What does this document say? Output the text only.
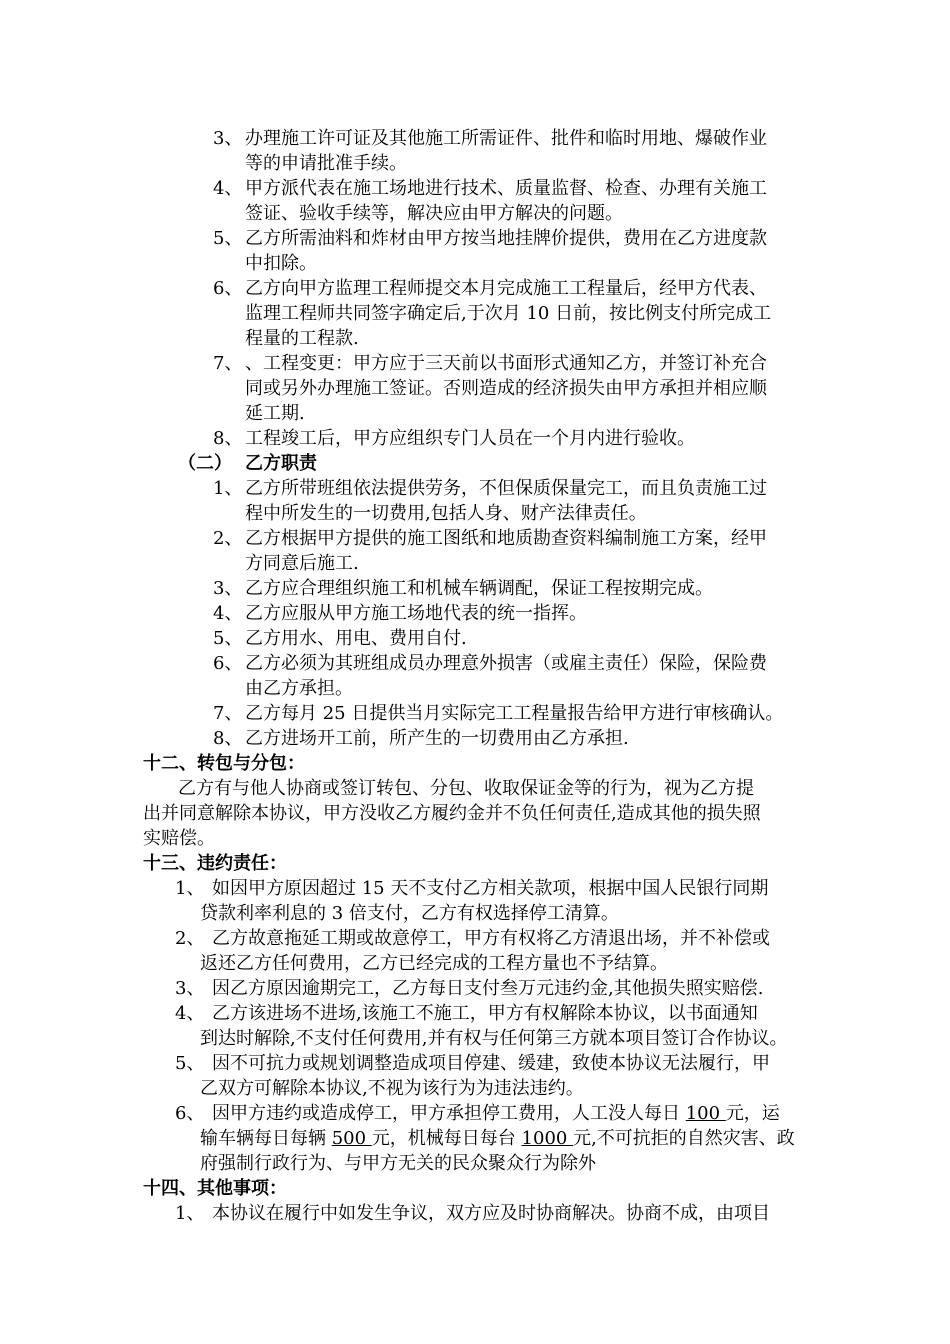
3、 办理施工许可证及其他施工所需证件、批件和临时用地、爆破作业
等的申请批准手续。
4、 甲方派代表在施工场地进行技术、质量监督、检查、办理有关施工
签证、验收手续等，解决应由甲方解决的问题。
5、 乙方所需油料和炸材由甲方按当地挂牌价提供，费用在乙方进度款
中扣除。
6、 乙方向甲方监理工程师提交本月完成施工工程量后，经甲方代表、
监理工程师共同签字确定后,于次月 10 日前，按比例支付所完成工
程量的工程款.
7、 、工程变更：甲方应于三天前以书面形式通知乙方，并签订补充合
同或另外办理施工签证。否则造成的经济损失由甲方承担并相应顺
延工期.
8、 工程竣工后，甲方应组织专门人员在一个月内进行验收。
（二） 乙方职责
1、 乙方所带班组依法提供劳务，不但保质保量完工，而且负责施工过
程中所发生的一切费用,包括人身、财产法律责任。
2、 乙方根据甲方提供的施工图纸和地质勘查资料编制施工方案，经甲
方同意后施工.
3、 乙方应合理组织施工和机械车辆调配，保证工程按期完成。
4、 乙方应服从甲方施工场地代表的统一指挥。
5、 乙方用水、用电、费用自付.
6、 乙方必须为其班组成员办理意外损害（或雇主责任）保险，保险费
由乙方承担。
7、 乙方每月 25 日提供当月实际完工工程量报告给甲方进行审核确认。
8、 乙方进场开工前，所产生的一切费用由乙方承担.
十二、转包与分包：
乙方有与他人协商或签订转包、分包、收取保证金等的行为，视为乙方提
出并同意解除本协议，甲方没收乙方履约金并不负任何责任,造成其他的损失照
实赔偿。
十三、违约责任：
1、 如因甲方原因超过 15 天不支付乙方相关款项，根据中国人民银行同期
贷款利率利息的 3 倍支付，乙方有权选择停工清算。
2、 乙方故意拖延工期或故意停工，甲方有权将乙方清退出场，并不补偿或
返还乙方任何费用，乙方已经完成的工程方量也不予结算。
3、 因乙方原因逾期完工，乙方每日支付叁万元违约金,其他损失照实赔偿.
4、 乙方该进场不进场,该施工不施工，甲方有权解除本协议，以书面通知
到达时解除,不支付任何费用,并有权与任何第三方就本项目签订合作协议。
5、 因不可抗力或规划调整造成项目停建、缓建，致使本协议无法履行，甲
乙双方可解除本协议,不视为该行为为违法违约。
6、 因甲方违约或造成停工，甲方承担停工费用，人工没人每日 100 元，运
输车辆每日每辆 500 元，机械每日每台 1000 元,不可抗拒的自然灾害、政
府强制行政行为、与甲方无关的民众聚众行为除外
十四、其他事项：
1、 本协议在履行中如发生争议，双方应及时协商解决。协商不成，由项目
